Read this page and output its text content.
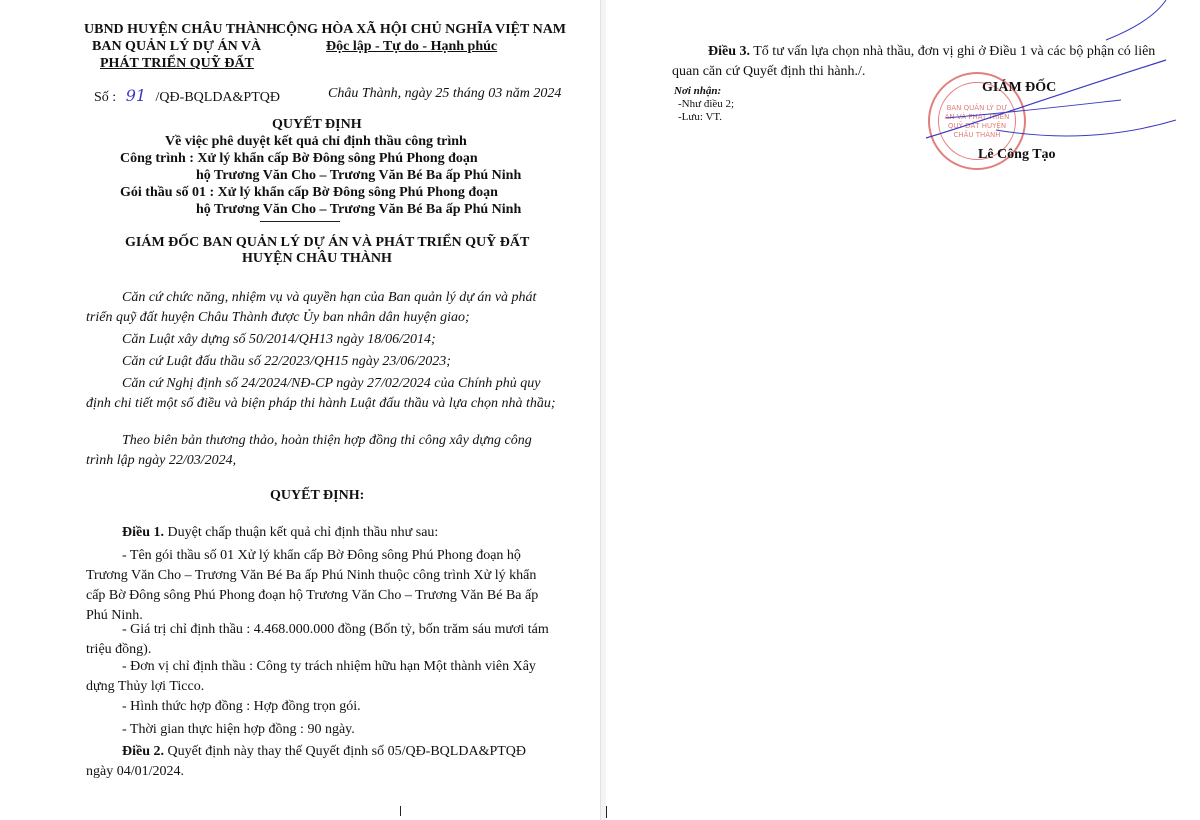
UBND HUYỆN CHÂU THÀNH
BAN QUẢN LÝ DỰ ÁN VÀ
PHÁT TRIỂN QUỸ ĐẤT
CỘNG HÒA XÃ HỘI CHỦ NGHĨA VIỆT NAM
Độc lập - Tự do - Hạnh phúc
Số : 91 /QĐ-BQLDA&PTQĐ	Châu Thành, ngày 25 tháng 03 năm 2024
QUYẾT ĐỊNH
Về việc phê duyệt kết quả chỉ định thầu công trình
Công trình : Xử lý khẩn cấp Bờ Đông sông Phú Phong đoạn
hộ Trương Văn Cho – Trương Văn Bé Ba ấp Phú Ninh
Gói thầu số 01 : Xử lý khẩn cấp Bờ Đông sông Phú Phong đoạn
hộ Trương Văn Cho – Trương Văn Bé Ba ấp Phú Ninh
GIÁM ĐỐC BAN QUẢN LÝ DỰ ÁN VÀ PHÁT TRIỂN QUỸ ĐẤT
HUYỆN CHÂU THÀNH
Căn cứ chức năng, nhiệm vụ và quyền hạn của Ban quản lý dự án và phát triển quỹ đất huyện Châu Thành được Ủy ban nhân dân huyện giao;
Căn Luật xây dựng số 50/2014/QH13 ngày 18/06/2014;
Căn cứ Luật đấu thầu số 22/2023/QH15 ngày 23/06/2023;
Căn cứ Nghị định số 24/2024/NĐ-CP ngày 27/02/2024 của Chính phủ quy định chi tiết một số điều và biện pháp thi hành Luật đấu thầu và lựa chọn nhà thầu;
Theo biên bản thương thảo, hoàn thiện hợp đồng thi công xây dựng công trình lập ngày 22/03/2024,
QUYẾT ĐỊNH:
Điều 1. Duyệt chấp thuận kết quả chỉ định thầu như sau:
- Tên gói thầu số 01 Xử lý khẩn cấp Bờ Đông sông Phú Phong đoạn hộ Trương Văn Cho – Trương Văn Bé Ba ấp Phú Ninh thuộc công trình Xử lý khẩn cấp Bờ Đông sông Phú Phong đoạn hộ Trương Văn Cho – Trương Văn Bé Ba ấp Phú Ninh.
- Giá trị chỉ định thầu : 4.468.000.000 đồng (Bốn tỷ, bốn trăm sáu mươi tám triệu đồng).
- Đơn vị chỉ định thầu : Công ty trách nhiệm hữu hạn Một thành viên Xây dựng Thủy lợi Ticco.
- Hình thức hợp đồng : Hợp đồng trọn gói.
- Thời gian thực hiện hợp đồng : 90 ngày.
Điều 2. Quyết định này thay thế Quyết định số 05/QĐ-BQLDA&PTQĐ ngày 04/01/2024.
Điều 3. Tổ tư vấn lựa chọn nhà thầu, đơn vị ghi ở Điều 1 và các bộ phận có liên quan căn cứ Quyết định thi hành./.
Nơi nhận:
-Như điều 2;
-Lưu: VT.
BAN QUẢN LÝ DỰ ÁN VÀ PHÁT TRIỂN QUỸ ĐẤT HUYỆN CHÂU THÀNH
GIÁM ĐỐC
Lê Công Tạo
